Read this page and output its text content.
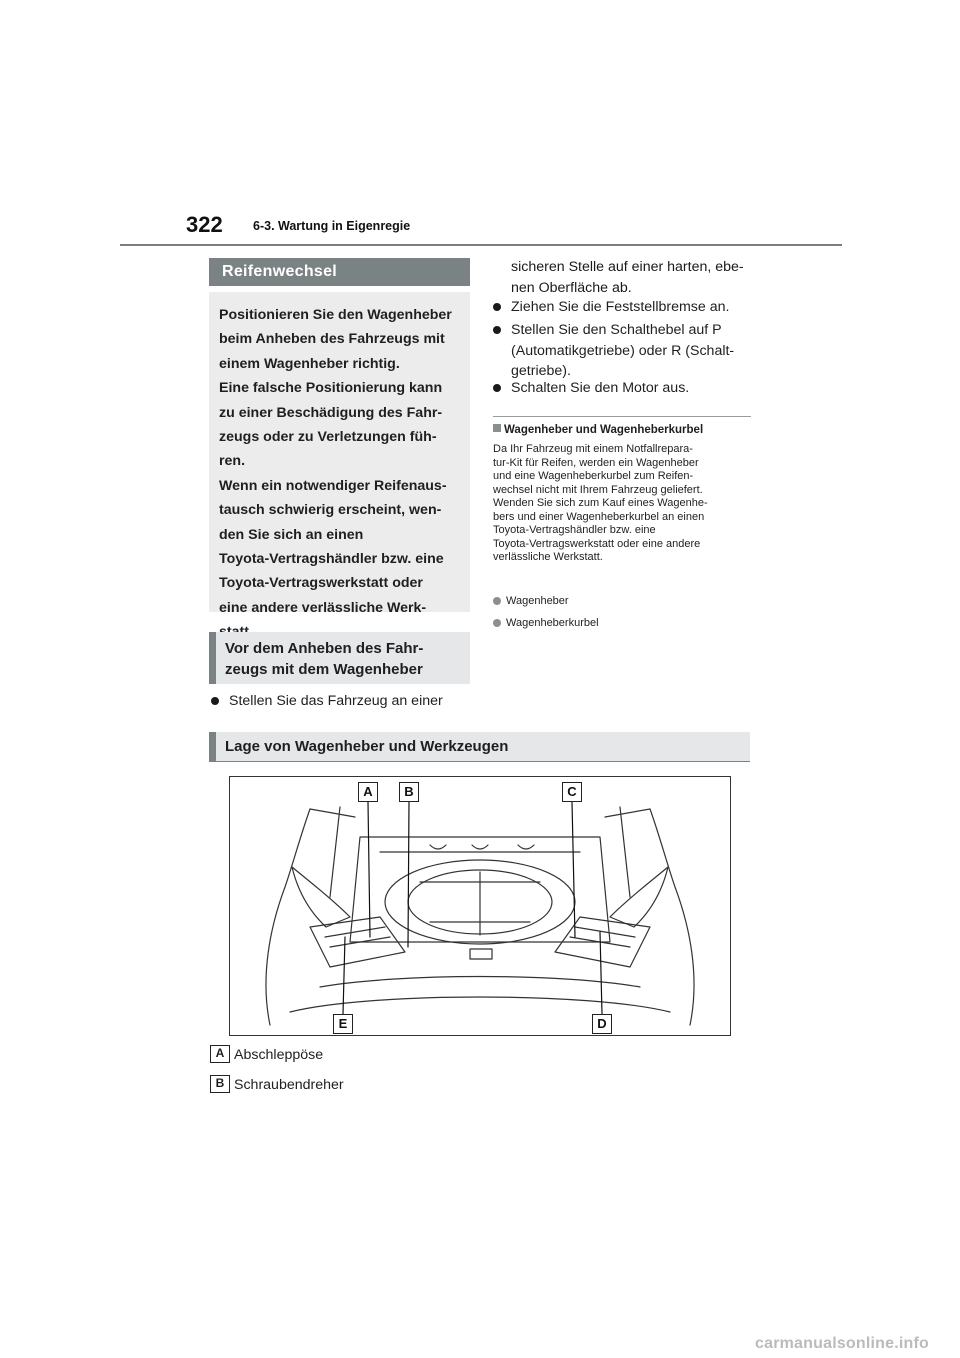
322 6-3. Wartung in Eigenregie
Reifenwechsel

Positionieren Sie den Wagenheber

beim Anheben des Fahrzeugs mit

einem Wagenheber richtig.

Eine falsche Positionierung kann

zu einer Beschädigung des Fahr-

zeugs oder zu Verletzungen füh-

ren.

Wenn ein notwendiger Reifenaus-

tausch schwierig erscheint, wen-

den Sie sich an einen

Toyota-Vertragshändler bzw. eine

Toyota-Vertragswerkstatt oder

eine andere verlässliche Werk-

Vor dem Anheben des Fahr-
zeugs mit dem Wagenheber
Stellen Sie das Fahrzeug an einer
sicheren Stelle auf einer harten, ebe-
nen Oberfläche ab.
Ziehen Sie die Feststellbremse an.
Stellen Sie den Schalthebel auf P
(Automatikgetriebe) oder R (Schalt-
getriebe).
Schalten Sie den Motor aus.
Wagenheber und Wagenheberkurbel
Da Ihr Fahrzeug mit einem Notfallrepara-
tur-Kit für Reifen, werden ein Wagenheber
und eine Wagenheberkurbel zum Reifen-
wechsel nicht mit Ihrem Fahrzeug geliefert.
Wenden Sie sich zum Kauf eines Wagenhe-
bers und einer Wagenheberkurbel an einen
Toyota-Vertragshändler bzw. eine
Toyota-Vertragswerkstatt oder eine andere
verlässliche Werkstatt.
Wagenheber
Wagenheberkurbel
Lage von Wagenheber und Werkzeugen
A	B	C
D
E
A Abschleppöse
B Schraubendreher
carmanualsonline.info
